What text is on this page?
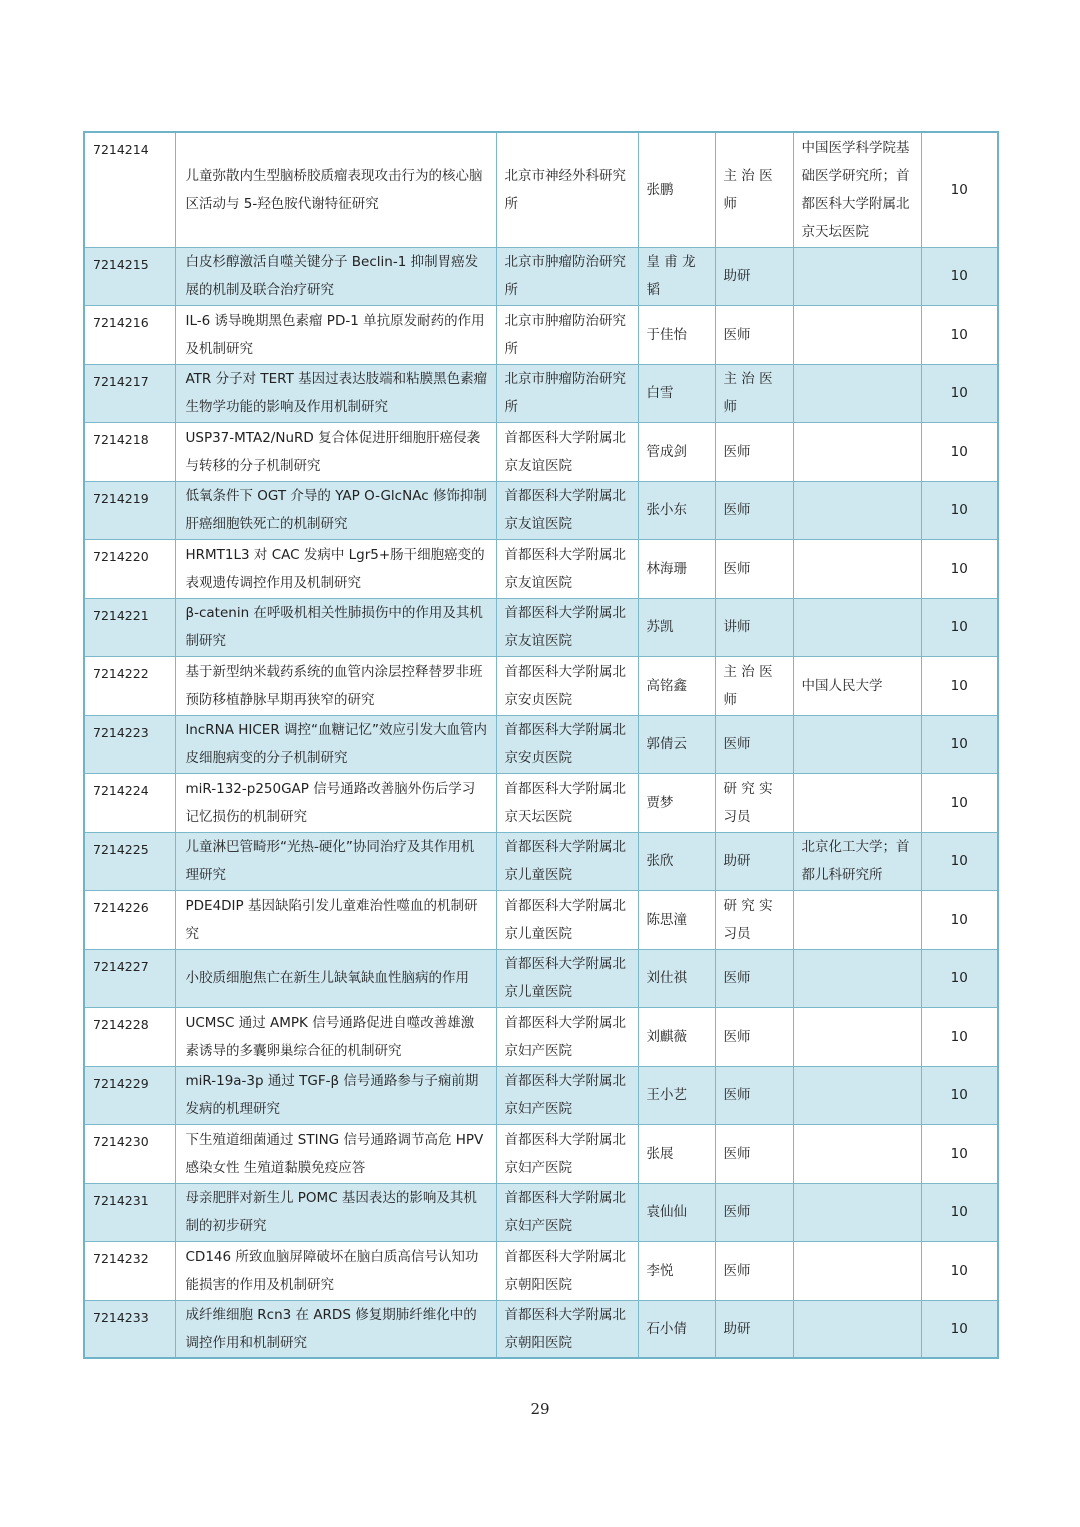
7214214	儿童弥散内生型脑桥胶质瘤表现攻击行为的核心脑区活动与 5-羟色胺代谢特征研究	北京市神经外科研究所	张鹏	主 治 医师	中国医学科学院基础医学研究所；首都医科大学附属北京天坛医院	10
7214215	白皮杉醇激活自噬关键分子 Beclin-1 抑制胃癌发展的机制及联合治疗研究	北京市肿瘤防治研究所	皇 甫 龙韬	助研		10
7214216	IL-6 诱导晚期黑色素瘤 PD-1 单抗原发耐药的作用及机制研究	北京市肿瘤防治研究所	于佳怡	医师		10
7214217	ATR 分子对 TERT 基因过表达肢端和粘膜黑色素瘤生物学功能的影响及作用机制研究	北京市肿瘤防治研究所	白雪	主 治 医师		10
7214218	USP37-MTA2/NuRD 复合体促进肝细胞肝癌侵袭与转移的分子机制研究	首都医科大学附属北京友谊医院	管成剑	医师		10
7214219	低氧条件下 OGT 介导的 YAP O-GlcNAc 修饰抑制肝癌细胞铁死亡的机制研究	首都医科大学附属北京友谊医院	张小东	医师		10
7214220	HRMT1L3 对 CAC 发病中 Lgr5+肠干细胞癌变的表观遗传调控作用及机制研究	首都医科大学附属北京友谊医院	林海珊	医师		10
7214221	β-catenin 在呼吸机相关性肺损伤中的作用及其机制研究	首都医科大学附属北京友谊医院	苏凯	讲师		10
7214222	基于新型纳米载药系统的血管内涂层控释替罗非班预防移植静脉早期再狭窄的研究	首都医科大学附属北京安贞医院	高铭鑫	主 治 医师	中国人民大学	10
7214223	lncRNA HICER 调控“血糖记忆”效应引发大血管内皮细胞病变的分子机制研究	首都医科大学附属北京安贞医院	郭倩云	医师		10
7214224	miR-132-p250GAP 信号通路改善脑外伤后学习记忆损伤的机制研究	首都医科大学附属北京天坛医院	贾梦	研 究 实习员		10
7214225	儿童淋巴管畸形“光热-硬化”协同治疗及其作用机理研究	首都医科大学附属北京儿童医院	张欣	助研	北京化工大学；首都儿科研究所	10
7214226	PDE4DIP 基因缺陷引发儿童难治性噬血的机制研究	首都医科大学附属北京儿童医院	陈思潼	研 究 实习员		10
7214227	小胶质细胞焦亡在新生儿缺氧缺血性脑病的作用	首都医科大学附属北京儿童医院	刘仕祺	医师		10
7214228	UCMSC 通过 AMPK 信号通路促进自噬改善雄激素诱导的多囊卵巢综合征的机制研究	首都医科大学附属北京妇产医院	刘麒薇	医师		10
7214229	miR-19a-3p 通过 TGF-β 信号通路参与子痫前期发病的机理研究	首都医科大学附属北京妇产医院	王小艺	医师		10
7214230	下生殖道细菌通过 STING 信号通路调节高危 HPV 感染女性 生殖道黏膜免疫应答	首都医科大学附属北京妇产医院	张展	医师		10
7214231	母亲肥胖对新生儿 POMC 基因表达的影响及其机制的初步研究	首都医科大学附属北京妇产医院	袁仙仙	医师		10
7214232	CD146 所致血脑屏障破坏在脑白质高信号认知功能损害的作用及机制研究	首都医科大学附属北京朝阳医院	李悦	医师		10
7214233	成纤维细胞 Rcn3 在 ARDS 修复期肺纤维化中的调控作用和机制研究	首都医科大学附属北京朝阳医院	石小倩	助研		10
29
